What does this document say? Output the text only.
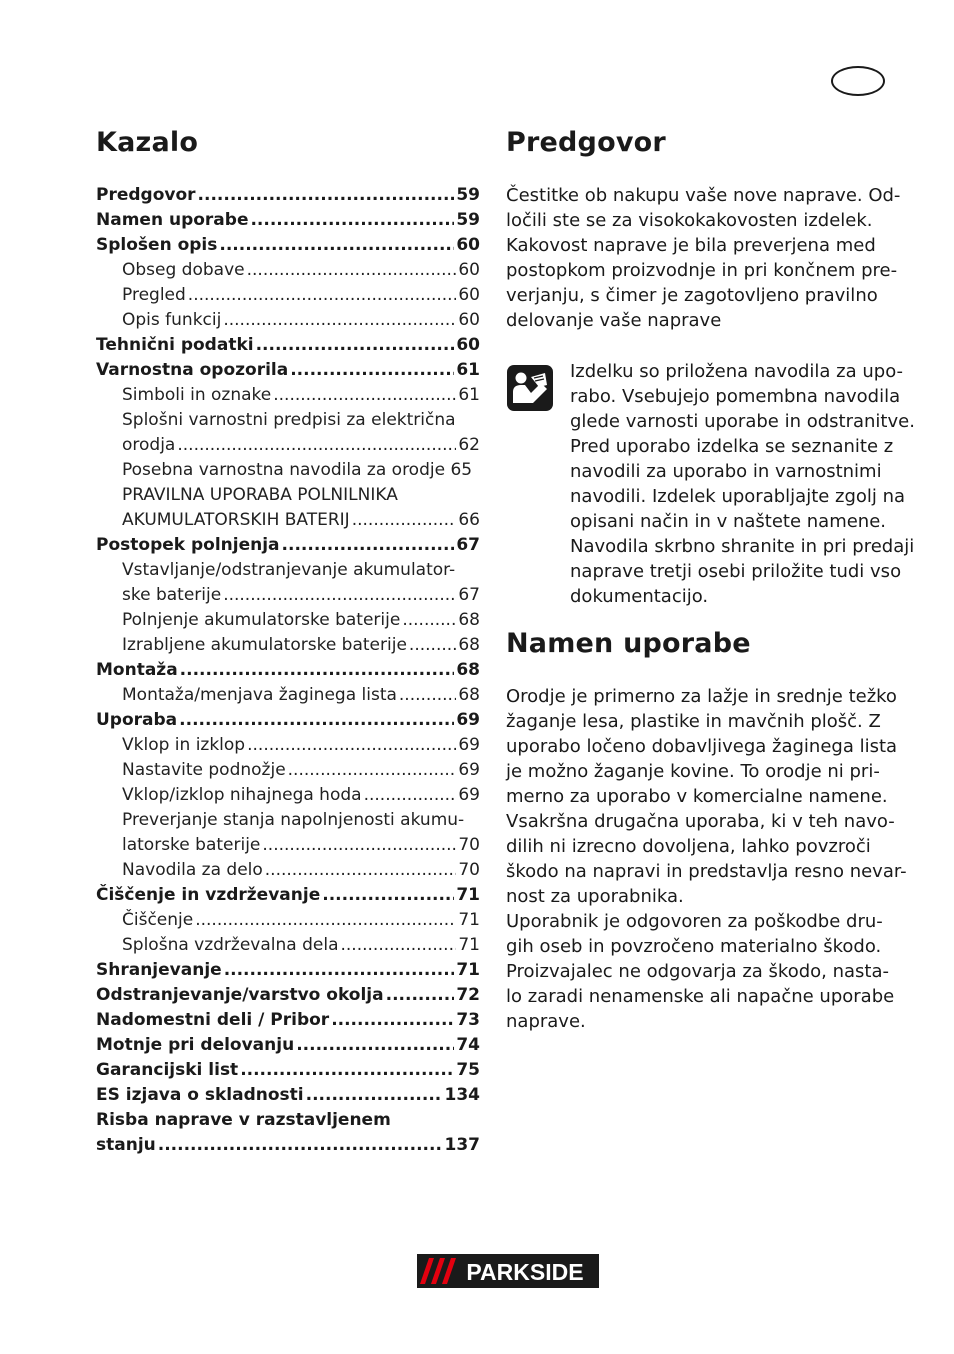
Kazalo
Predgovor .....	59
Namen uporabe .....	59
Splošen opis .....	60
Obseg dobave .....	60
Pregled .....	60
Opis funkcij .....	60
Tehnični podatki .....	60
Varnostna opozorila .....	61
Simboli in oznake .....	61
Splošni varnostni predpisi za električna
orodja .....	62
Posebna varnostna navodila za orodje 65
PRAVILNA UPORABA POLNILNIKA
AKUMULATORSKIH BATERIJ .....	66
Postopek polnjenja .....	67
Vstavljanje/odstranjevanje akumulator-
ske baterije .....	67
Polnjenje akumulatorske baterije .....	68
Izrabljene akumulatorske baterije .....	68
Montaža .....	68
Montaža/menjava žaginega lista .....	68
Uporaba .....	69
Vklop in izklop .....	69
Nastavite podnožje .....	69
Vklop/izklop nihajnega hoda .....	69
Preverjanje stanja napolnjenosti akumu-
latorske baterije .....	70
Navodila za delo .....	70
Čiščenje in vzdrževanje .....	71
Čiščenje .....	71
Splošna vzdrževalna dela .....	71
Shranjevanje .....	71
Odstranjevanje/varstvo okolja .....	72
Nadomestni deli / Pribor .....	73
Motnje pri delovanju .....	74
Garancijski list .....	75
ES izjava o skladnosti .....	134
Risba naprave v razstavljenem
stanju .....	137
Predgovor
Čestitke ob nakupu vaše nove naprave. Od-
ločili ste se za visokokakovosten izdelek.
Kakovost naprave je bila preverjena med
postopkom proizvodnje in pri končnem pre-
verjanju, s čimer je zagotovljeno pravilno
delovanje vaše naprave
Izdelku so priložena navodila za upo-
rabo. Vsebujejo pomembna navodila
glede varnosti uporabe in odstranitve.
Pred uporabo izdelka se seznanite z
navodili za uporabo in varnostnimi
navodili. Izdelek uporabljajte zgolj na
opisani način in v naštete namene.
Navodila skrbno shranite in pri predaji
naprave tretji osebi priložite tudi vso
dokumentacijo.
Namen uporabe
Orodje je primerno za lažje in srednje težko
žaganje lesa, plastike in mavčnih plošč. Z
uporabo ločeno dobavljivega žaginega lista
je možno žaganje kovine. To orodje ni pri-
merno za uporabo v komercialne namene.
Vsakršna drugačna uporaba, ki v teh navo-
dilih ni izrecno dovoljena, lahko povzroči
škodo na napravi in predstavlja resno nevar-
nost za uporabnika.
Uporabnik je odgovoren za poškodbe dru-
gih oseb in povzročeno materialno škodo.
Proizvajalec ne odgovarja za škodo, nasta-
lo zaradi nenamenske ali napačne uporabe
naprave.
PARKSIDE
